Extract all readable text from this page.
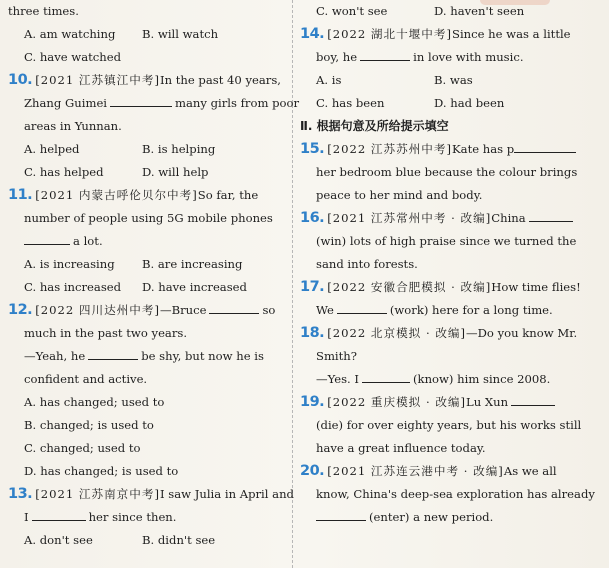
three times.
A. am watching	B. will watch
C. have watched
10. [2021 江苏镇江中考]In the past 40 years,
Zhang Guimei	many girls from poor
areas in Yunnan.
A. helped	B. is helping
C. has helped	D. will help
11. [2021 内蒙古呼伦贝尔中考]So far, the
number of people using 5G mobile phones
a lot.
A. is increasing	B. are increasing
C. has increased	D. have increased
12. [2022 四川达州中考]—Bruce	so
much in the past two years.
—Yeah, he	be shy, but now he is
confident and active.
A. has changed; used to
B. changed; is used to
C. changed; used to
D. has changed; is used to
13. [2021 江苏南京中考]I saw Julia in April and
I	her since then.
A. don't see	B. didn't see
C. won't see	D. haven't seen
14. [2022 湖北十堰中考]Since he was a little
boy, he	in love with music.
A. is	B. was
C. has been	D. had been
Ⅱ. 根据句意及所给提示填空
15. [2022 江苏苏州中考]Kate has p
her bedroom blue because the colour brings
peace to her mind and body.
16. [2021 江苏常州中考 · 改编]China
(win) lots of high praise since we turned the
sand into forests.
17. [2022 安徽合肥模拟 · 改编]How time flies!
We	(work) here for a long time.
18. [2022 北京模拟 · 改编]—Do you know Mr.
Smith?
—Yes. I	(know) him since 2008.
19. [2022 重庆模拟 · 改编]Lu Xun
(die) for over eighty years, but his works still
have a great influence today.
20. [2021 江苏连云港中考 · 改编]As we all
know, China's deep-sea exploration has already
(enter) a new period.
